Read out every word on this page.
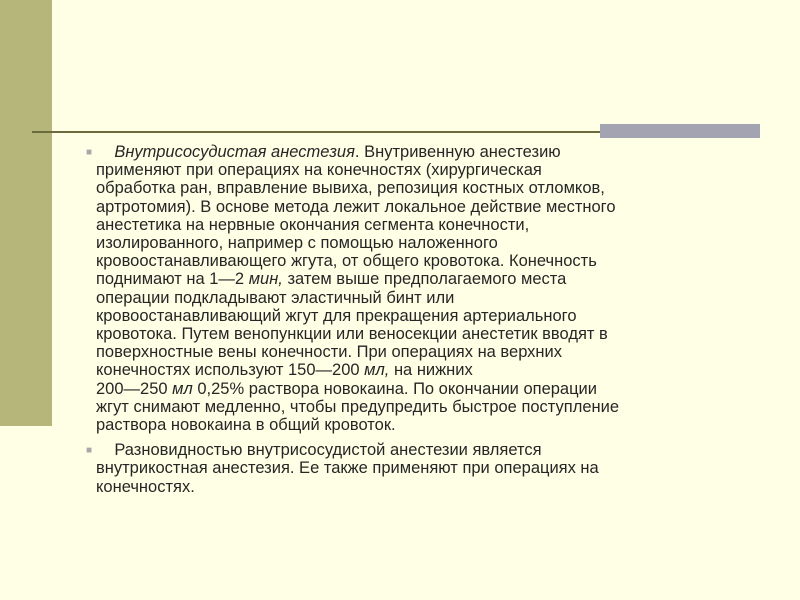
■	Внутрисосудистая анестезия. Внутривенную анестезию
применяют при операциях на конечностях (хирургическая
обработка ран, вправление вывиха, репозиция костных отломков,
артротомия). В основе метода лежит локальное действие местного
анестетика на нервные окончания сегмента конечности,
изолированного, например с помощью наложенного
кровоостанавливающего жгута, от общего кровотока. Конечность
поднимают на 1—2 мин, затем выше предполагаемого места
операции подкладывают эластичный бинт или
кровоостанавливающий жгут для прекращения артериального
кровотока. Путем венопункции или веносекции анестетик вводят в
поверхностные вены конечности. При операциях на верхних
конечностях используют 150—200 мл, на нижних
200—250 мл 0,25% раствора новокаина. По окончании операции
жгут снимают медленно, чтобы предупредить быстрое поступление
раствора новокаина в общий кровоток.
■ Разновидностью внутрисосудистой анестезии является
внутрикостная анестезия. Ее также применяют при операциях на
конечностях.
